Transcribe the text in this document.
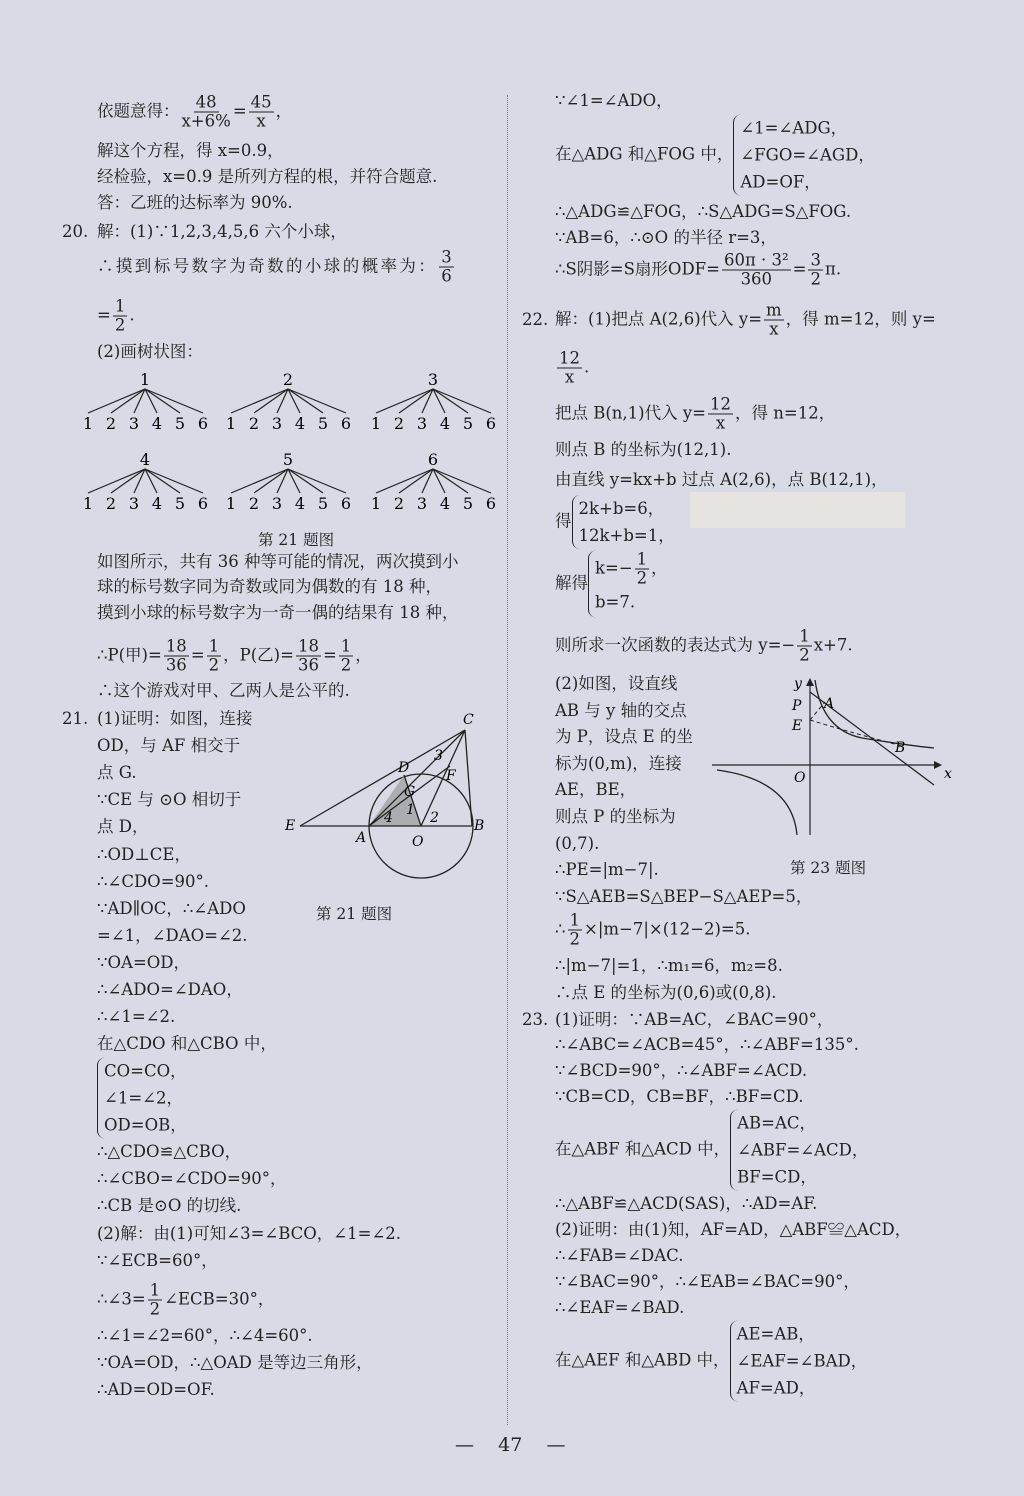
依题意得： $\frac{48}{x+6\%} = \frac{45}{x}$ ，
解这个方程，得 x=0.9，
经检验，x=0.9 是所列方程的根，并符合题意.
答：乙班的达标率为 90%.
20. 解：(1)∵1,2,3,4,5,6 六个小球，
∴摸到标号数字为奇数的小球的概率为： $\frac{3}{6}$
= $\frac{1}{2}$ .
(2)画树状图：
1
1 2 3 4 5 6
2
1 2 3 4 5 6
3
1 2 3 4 5 6
4
1 2 3 4 5 6
5
1 2 3 4 5 6
6
1 2 3 4 5 6
第 21 题图
如图所示，共有 36 种等可能的情况，两次摸到小
球的标号数字同为奇数或同为偶数的有 18 种，
摸到小球的标号数字为一奇一偶的结果有 18 种，
∴P(甲)= $\frac{18}{36} = \frac{1}{2}$ ，P(乙)= $\frac{18}{36} = \frac{1}{2}$ ，
∴这个游戏对甲、乙两人是公平的.
21. (1)证明：如图，连接
OD，与 AF 相交于
点 G.
∵CE 与 ⊙O 相切于
点 D，
∴OD⊥CE，
∴∠CDO=90°.
∵AD∥OC，∴∠ADO
=∠1，∠DAO=∠2.
∵OA=OD，
∴∠ADO=∠DAO，
∴∠1=∠2.
在△CDO 和△CBO 中，
CO=CO，
∠1=∠2，
OD=OB，
∴△CDO≌△CBO，
∴∠CBO=∠CDO=90°，
∴CB 是⊙O 的切线.
(2)解：由(1)可知∠3=∠BCO，∠1=∠2.
∵∠ECB=60°，
∴∠3= $\frac{1}{2}$ ∠ECB=30°，
∴∠1=∠2=60°，∴∠4=60°.
∵OA=OD，∴△OAD 是等边三角形，
∴AD=OD=OF.
C
D
3
F
G
E
A
4 1 2
O
B
第 21 题图
∵∠1=∠ADO，
在△ADG 和△FOG 中，
∠1=∠ADG，
∠FGO=∠AGD，
AD=OF，
∴△ADG≌△FOG，∴S△ADG=S△FOG.
∵AB=6，∴⊙O 的半径 r=3，
∴S阴影=S扇形$ODF= \frac{\text{60π · 3²}}{360} = \frac{3}{2} \pi$.
22. 解：(1)把点 A(2,6)代入 $y= \frac{m}{x}$ ，得 m=12，则 y=
$\frac{12}{x}$ .
把点 B(n,1)代入 $y= \frac{12}{x}$ ，得 n=12，
则点 B 的坐标为(12,1).
由直线 y=kx+b 过点 A(2,6)，点 B(12,1)，
得
2k+b=6，
12k+b=1，
解得
$k=- \frac{1}{2}$ ，
b=7.
则所求一次函数的表达式为 $y=- \frac{1}{2} x+7$.
(2)如图，设直线
AB 与 y 轴的交点
为 P，设点 E 的坐
标为(0,m)，连接
AE，BE，
则点 P 的坐标为
(0,7).
∴PE=|m−7|.
∵S△AEB=S△BEP−S△AEP=5，
∴ $\frac{1}{2} \times|m-7|\times(12-2)=5$.
∴|m−7|=1，∴m₁=6，m₂=8.
∴点 E 的坐标为(0,6)或(0,8).
23. (1)证明：∵AB=AC，∠BAC=90°，
∴∠ABC=∠ACB=45°，∴∠ABF=135°.
∵∠BCD=90°，∴∠ABF=∠ACD.
∵CB=CD，CB=BF，∴BF=CD.
在△ABF 和△ACD 中，
AB=AC，
∠ABF=∠ACD，
BF=CD，
∴△ABF≌△ACD(SAS)，∴AD=AF.
(2)证明：由(1)知，AF=AD，△ABF≌△ACD，
∴∠FAB=∠DAC.
∵∠BAC=90°，∴∠EAB=∠BAC=90°，
∴∠EAF=∠BAD.
在△AEF 和△ABD 中，
AE=AB，
∠EAF=∠BAD，
AF=AD，
y
P A
E
B
O	x
第 23 题图
—    47    —
